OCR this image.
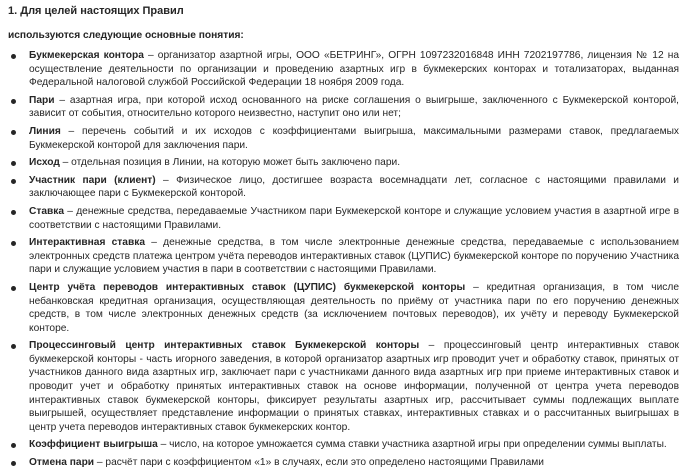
1. Для целей настоящих Правил
используются следующие основные понятия:
Букмекерская контора – организатор азартной игры, ООО «БЕТРИНГ», ОГРН 1097232016848 ИНН 7202197786, лицензия № 12 на осуществление деятельности по организации и проведению азартных игр в букмекерских конторах и тотализаторах, выданная Федеральной налоговой службой Российской Федерации 18 ноября 2009 года.
Пари – азартная игра, при которой исход основанного на риске соглашения о выигрыше, заключенного с Букмекерской конторой, зависит от события, относительно которого неизвестно, наступит оно или нет;
Линия – перечень событий и их исходов с коэффициентами выигрыша, максимальными размерами ставок, предлагаемых Букмекерской конторой для заключения пари.
Исход – отдельная позиция в Линии, на которую может быть заключено пари.
Участник пари (клиент) – Физическое лицо, достигшее возраста восемнадцати лет, согласное с настоящими правилами и заключающее пари с Букмекерской конторой.
Ставка – денежные средства, передаваемые Участником пари Букмекерской конторе и служащие условием участия в азартной игре в соответствии с настоящими Правилами.
Интерактивная ставка – денежные средства, в том числе электронные денежные средства, передаваемые с использованием электронных средств платежа центром учёта переводов интерактивных ставок (ЦУПИС) букмекерской конторе по поручению Участника пари и служащие условием участия в пари в соответствии с настоящими Правилами.
Центр учёта переводов интерактивных ставок (ЦУПИС) букмекерской конторы – кредитная организация, в том числе небанковская кредитная организация, осуществляющая деятельность по приёму от участника пари по его поручению денежных средств, в том числе электронных денежных средств (за исключением почтовых переводов), их учёту и переводу Букмекерской конторе.
Процессинговый центр интерактивных ставок Букмекерской конторы – процессинговый центр интерактивных ставок букмекерской конторы - часть игорного заведения, в которой организатор азартных игр проводит учет и обработку ставок, принятых от участников данного вида азартных игр, заключает пари с участниками данного вида азартных игр при приеме интерактивных ставок и проводит учет и обработку принятых интерактивных ставок на основе информации, полученной от центра учета переводов интерактивных ставок букмекерской конторы, фиксирует результаты азартных игр, рассчитывает суммы подлежащих выплате выигрышей, осуществляет представление информации о принятых ставках, интерактивных ставках и о рассчитанных выигрышах в центр учета переводов интерактивных ставок букмекерских контор.
Коэффициент выигрыша – число, на которое умножается сумма ставки участника азартной игры при определении суммы выплаты.
Отмена пари – расчёт пари с коэффициентом «1» в случаях, если это определено настоящими Правилами
